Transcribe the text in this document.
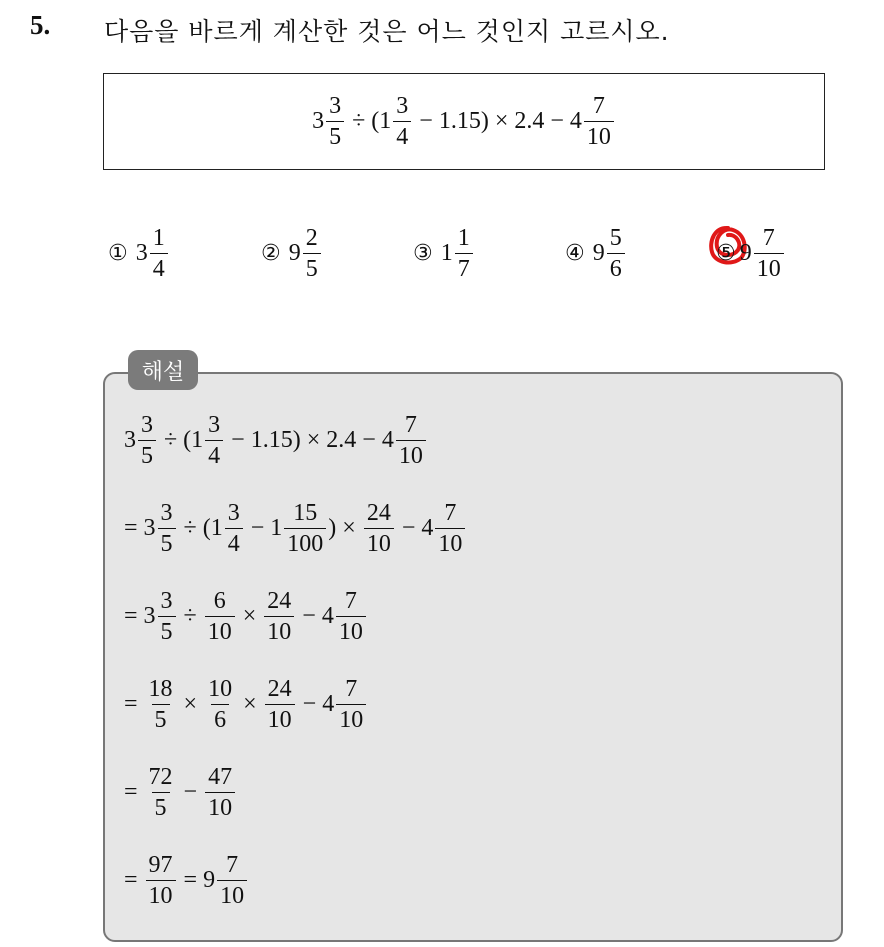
5. 다음을 바르게 계산한 것은 어느 것인지 고르시오.
$3 \frac{3}{5}$ ÷ ( $1 \frac{3}{4} - 1.15$ ) × $2.4 - 4 \frac{7}{10}$
① $3 \frac{1}{4}$	② $9 \frac{2}{5}$	③ $1 \frac{1}{7}$	④ $9 \frac{5}{6}$	⑤ $9 \frac{7}{10}$
해설
$3 \frac{3}{5}$ ÷ ( $1 \frac{3}{4} - 1.15$ ) × $2.4 - 4 \frac{7}{10}$
= $3 \frac{3}{5}$ ÷ ( $1 \frac{3}{4} - 1 \frac{15}{100}$ ) × $\frac{24}{10} - 4 \frac{7}{10}$
= $3 \frac{3}{5} \div \frac{6}{10} \times \frac{24}{10} - 4 \frac{7}{10}$
= $\frac{18}{5} \times \frac{10}{6} \times \frac{24}{10} - 4 \frac{7}{10}$
= $\frac{72}{5} - \frac{47}{10}$
= $\frac{97}{10} = 9 \frac{7}{10}$
